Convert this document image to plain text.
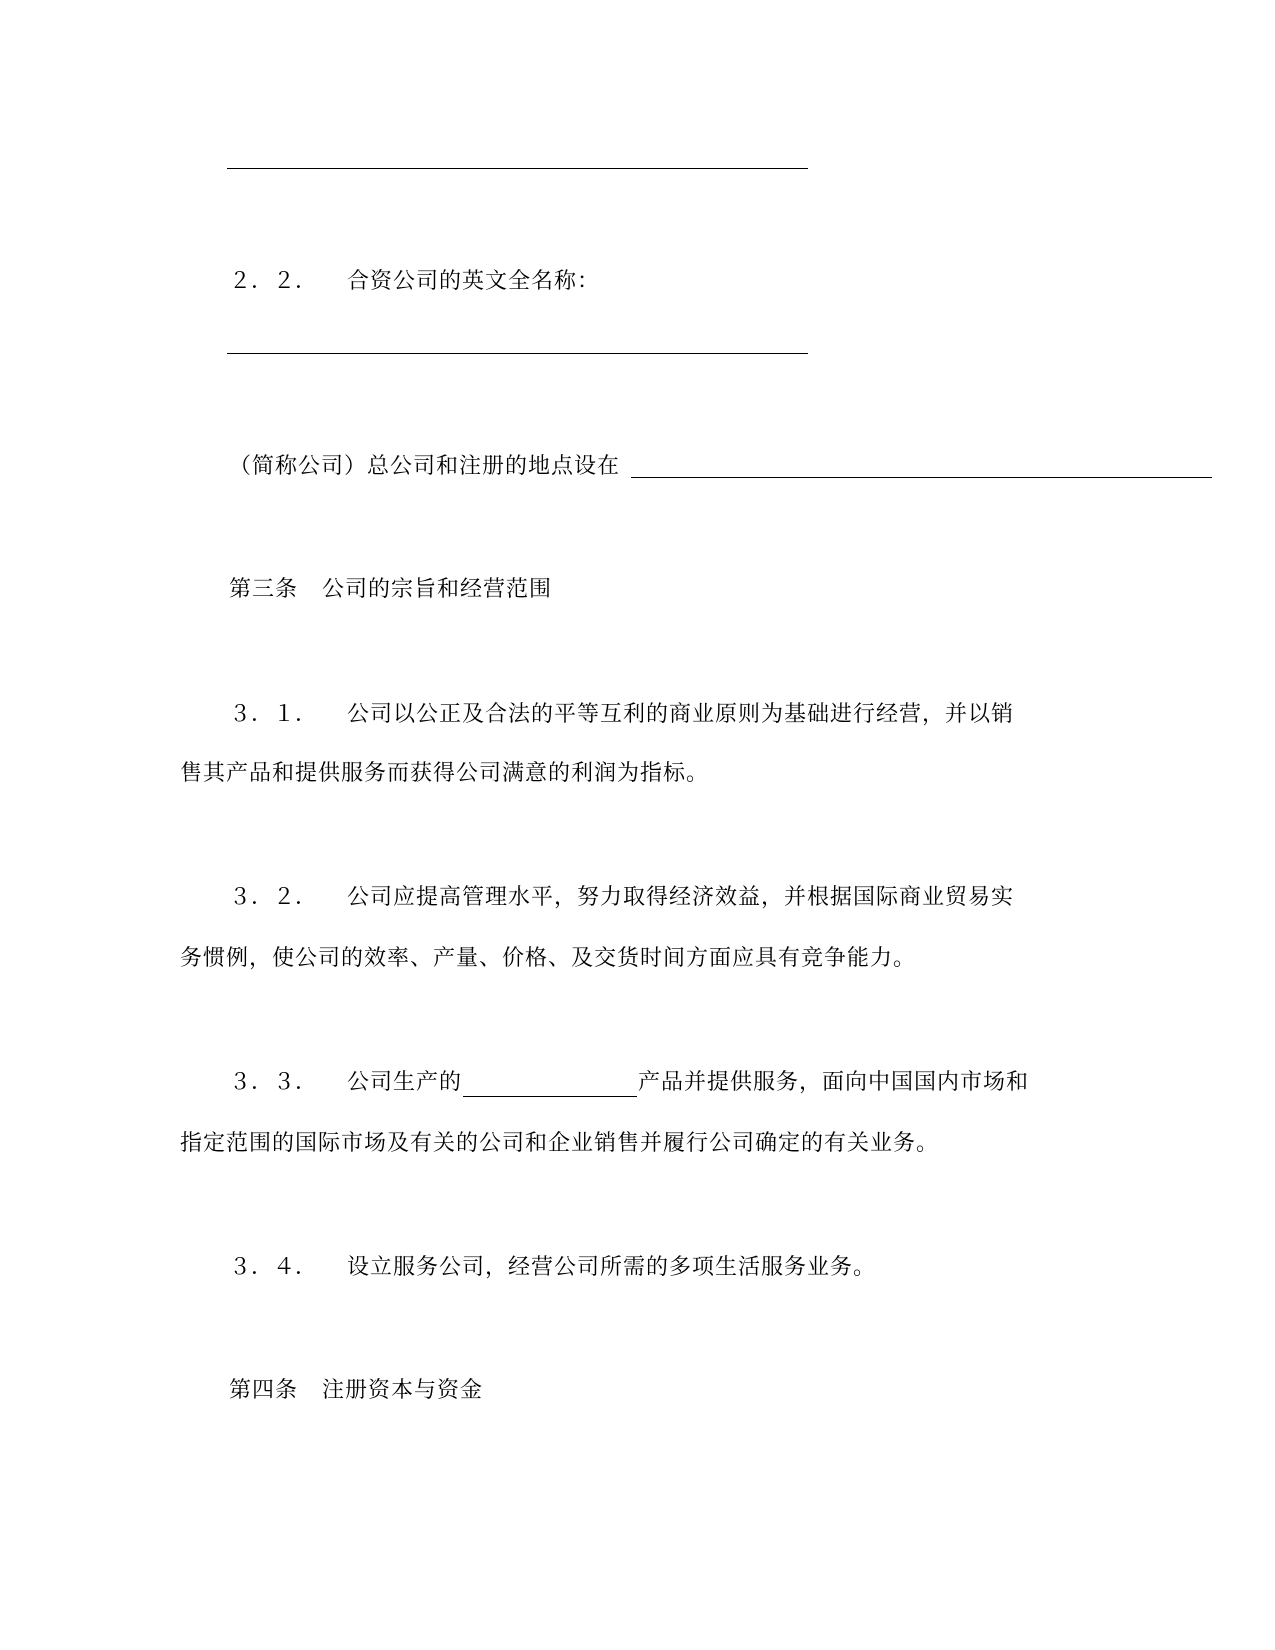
２．２． 合资公司的英文全名称：
（简称公司）总公司和注册的地点设在
第三条 公司的宗旨和经营范围
３．１． 公司以公正及合法的平等互利的商业原则为基础进行经营，并以销
售其产品和提供服务而获得公司满意的利润为指标。
３．２． 公司应提高管理水平，努力取得经济效益，并根据国际商业贸易实
务惯例，使公司的效率、产量、价格、及交货时间方面应具有竞争能力。
３．３． 公司生产的	产品并提供服务，面向中国国内市场和
指定范围的国际市场及有关的公司和企业销售并履行公司确定的有关业务。
３．４． 设立服务公司，经营公司所需的多项生活服务业务。
第四条 注册资本与资金
